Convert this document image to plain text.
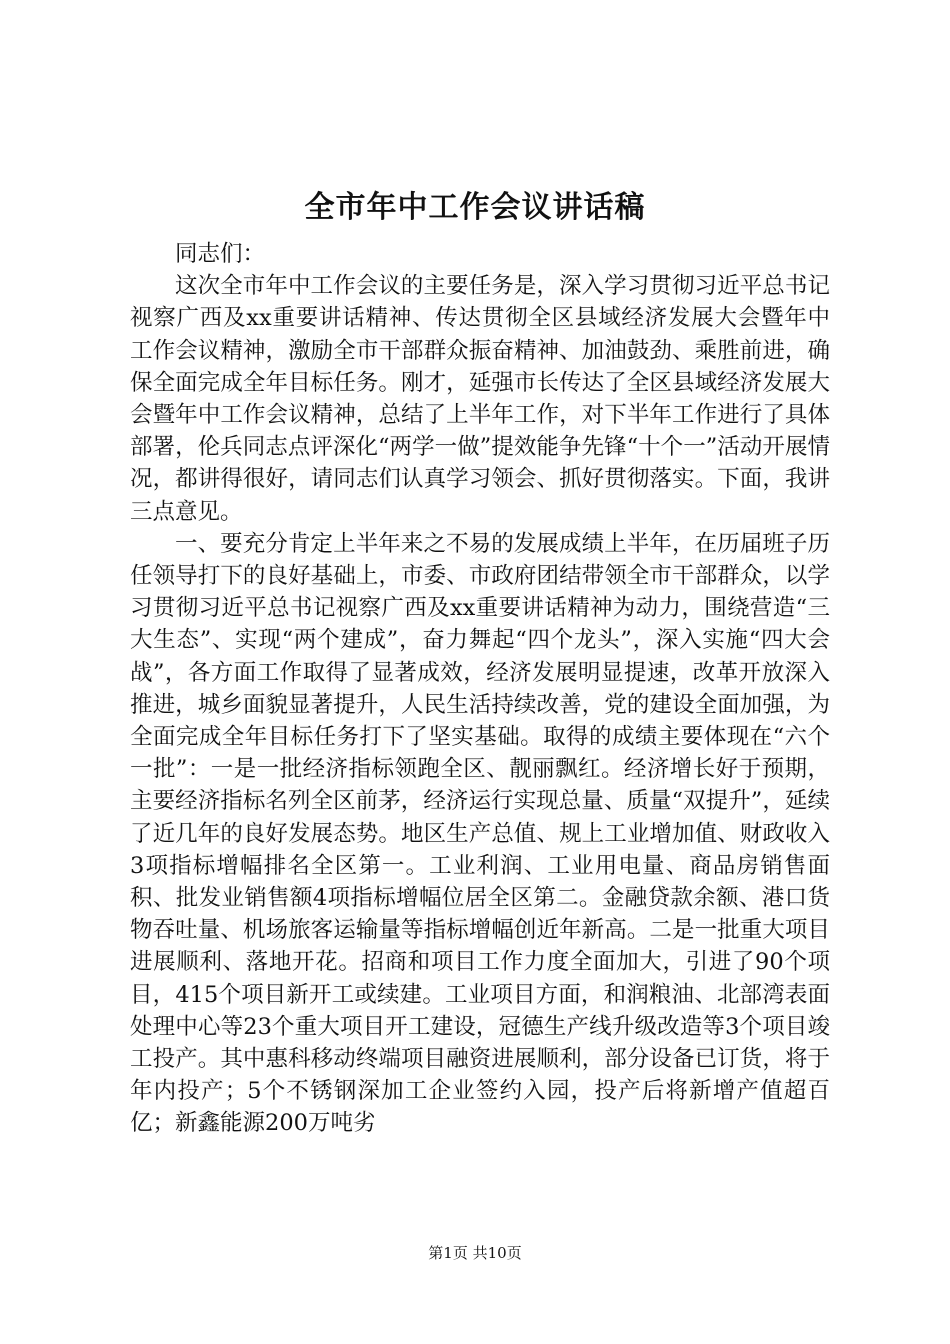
全市年中工作会议讲话稿

同志们：

这次全市年中工作会议的主要任务是，深入学习贯彻习近平总书记视察广西及xx重要讲话精神、传达贯彻全区县域经济发展大会暨年中工作会议精神，激励全市干部群众振奋精神、加油鼓劲、乘胜前进，确保全面完成全年目标任务。刚才，延强市长传达了全区县域经济发展大会暨年中工作会议精神，总结了上半年工作，对下半年工作进行了具体部署，伦兵同志点评深化“两学一做”提效能争先锋“十个一”活动开展情况，都讲得很好，请同志们认真学习领会、抓好贯彻落实。下面，我讲三点意见。

一、要充分肯定上半年来之不易的发展成绩上半年，在历届班子历任领导打下的良好基础上，市委、市政府团结带领全市干部群众，以学习贯彻习近平总书记视察广西及xx重要讲话精神为动力，围绕营造“三大生态”、实现“两个建成”，奋力舞起“四个龙头”，深入实施“四大会战”，各方面工作取得了显著成效，经济发展明显提速，改革开放深入推进，城乡面貌显著提升，人民生活持续改善，党的建设全面加强，为全面完成全年目标任务打下了坚实基础。取得的成绩主要体现在“六个一批”：一是一批经济指标领跑全区、靓丽飘红。经济增长好于预期，主要经济指标名列全区前茅，经济运行实现总量、质量“双提升”，延续了近几年的良好发展态势。地区生产总值、规上工业增加值、财政收入3项指标增幅排名全区第一。工业利润、工业用电量、商品房销售面积、批发业销售额4项指标增幅位居全区第二。金融贷款余额、港口货物吞吐量、机场旅客运输量等指标增幅创近年新高。二是一批重大项目进展顺利、落地开花。招商和项目工作力度全面加大，引进了90个项目，415个项目新开工或续建。工业项目方面，和润粮油、北部湾表面处理中心等23个重大项目开工建设，冠德生产线升级改造等3个项目竣工投产。其中惠科移动终端项目融资进展顺利，部分设备已订货，将于年内投产；5个不锈钢深加工企业签约入园，投产后将新增产值超百亿；新鑫能源200万吨劣

第1页 共10页
